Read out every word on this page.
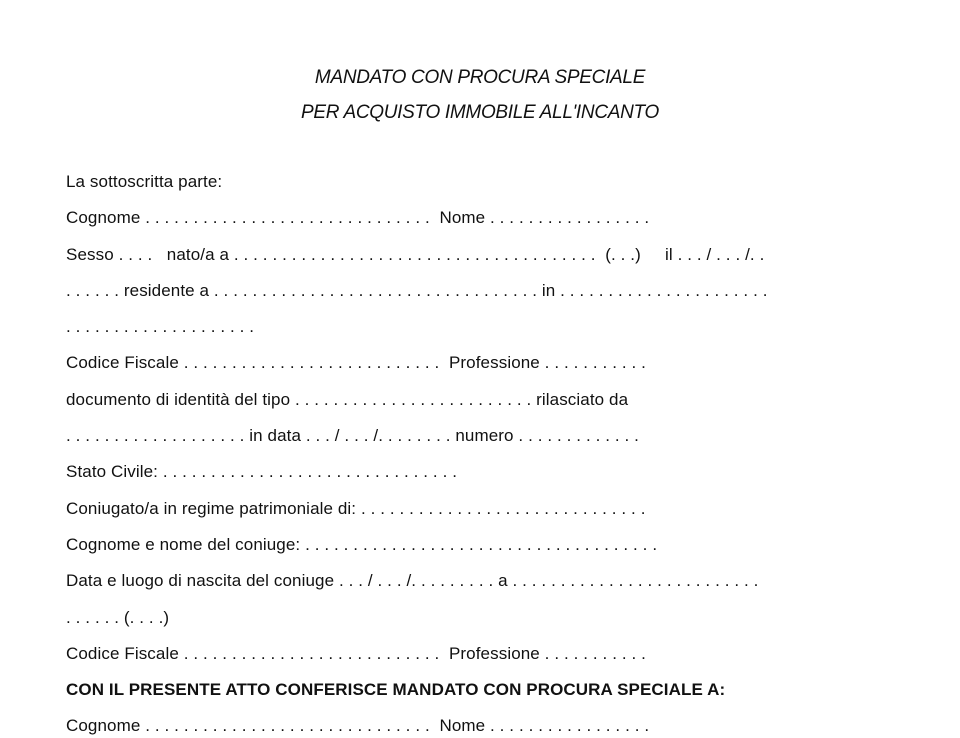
MANDATO CON PROCURA SPECIALE
PER ACQUISTO IMMOBILE ALL'INCANTO
La sottoscritta parte:
Cognome . . . . . . . . . . . . . . . . . . . . . . . . . . . . . .  Nome . . . . . . . . . . . . . . . . .
Sesso . . . .   nato/a a . . . . . . . . . . . . . . . . . . . . . . . . . . . . . . . . . . . . . .  (. . .)     il . . . / . . . /. .
. . . . . . residente a . . . . . . . . . . . . . . . . . . . . . . . . . . . . . . . . . . in . . . . . . . . . . . . . . . . . . . . . .
. . . . . . . . . . . . . . . . . . . .
Codice Fiscale . . . . . . . . . . . . . . . . . . . . . . . . . . .  Professione . . . . . . . . . . .
documento di identità del tipo . . . . . . . . . . . . . . . . . . . . . . . . . rilasciato da
. . . . . . . . . . . . . . . . . . . in data . . . / . . . /. . . . . . . . numero . . . . . . . . . . . . .
Stato Civile: . . . . . . . . . . . . . . . . . . . . . . . . . . . . . . .
Coniugato/a in regime patrimoniale di: . . . . . . . . . . . . . . . . . . . . . . . . . . . . . .
Cognome e nome del coniuge: . . . . . . . . . . . . . . . . . . . . . . . . . . . . . . . . . . . . .
Data e luogo di nascita del coniuge . . . / . . . /. . . . . . . . . a . . . . . . . . . . . . . . . . . . . . . . . . . .
. . . . . . (. . . .)
Codice Fiscale . . . . . . . . . . . . . . . . . . . . . . . . . . .  Professione . . . . . . . . . . .
CON IL PRESENTE ATTO CONFERISCE MANDATO CON PROCURA SPECIALE A:
Cognome . . . . . . . . . . . . . . . . . . . . . . . . . . . . . .  Nome . . . . . . . . . . . . . . . . .
